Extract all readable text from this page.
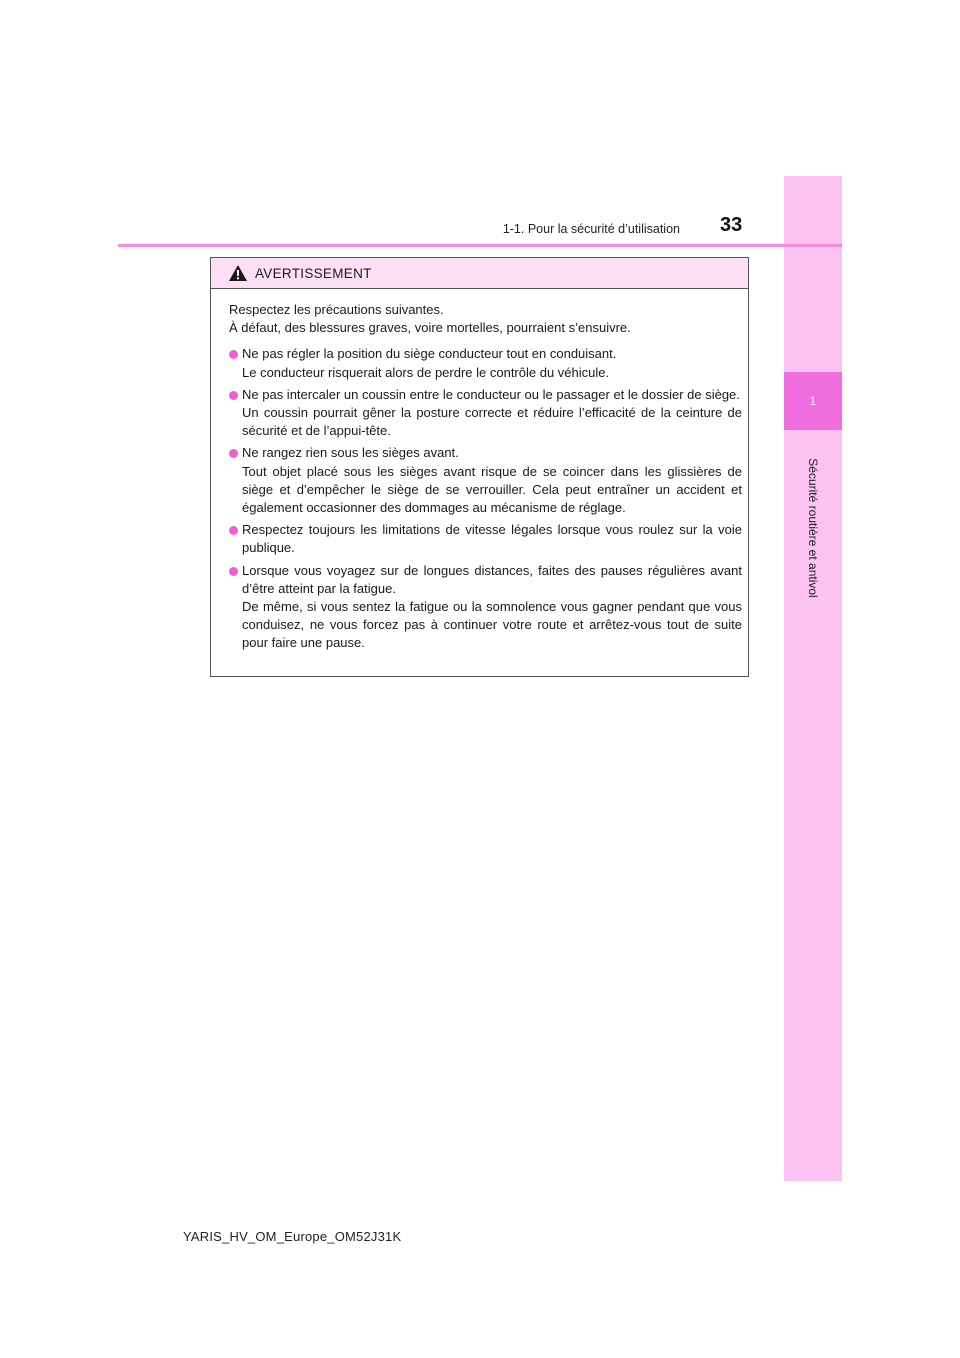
1
Sécurité routière et antivol
1-1. Pour la sécurité d’utilisation 33
AVERTISSEMENT

Respectez les précautions suivantes.

À défaut, des blessures graves, voire mortelles, pourraient s’ensuivre.

Ne pas régler la position du siège conducteur tout en conduisant.

Le conducteur risquerait alors de perdre le contrôle du véhicule.

Ne pas intercaler un coussin entre le conducteur ou le passager et le dossier de siège.

Un coussin pourrait gêner la posture correcte et réduire l’efficacité de la ceinture de sécurité et de l’appui-tête.

Ne rangez rien sous les sièges avant.

Tout objet placé sous les sièges avant risque de se coincer dans les glissières de siège et d’empêcher le siège de se verrouiller. Cela peut entraîner un accident et également occasionner des dommages au mécanisme de réglage.

Respectez toujours les limitations de vitesse légales lorsque vous roulez sur la voie publique.

Lorsque vous voyagez sur de longues distances, faites des pauses régulières avant d’être atteint par la fatigue.

De même, si vous sentez la fatigue ou la somnolence vous gagner pendant que vous conduisez, ne vous forcez pas à continuer votre route et arrêtez-vous tout de suite pour faire une pause.

YARIS_HV_OM_Europe_OM52J31K
